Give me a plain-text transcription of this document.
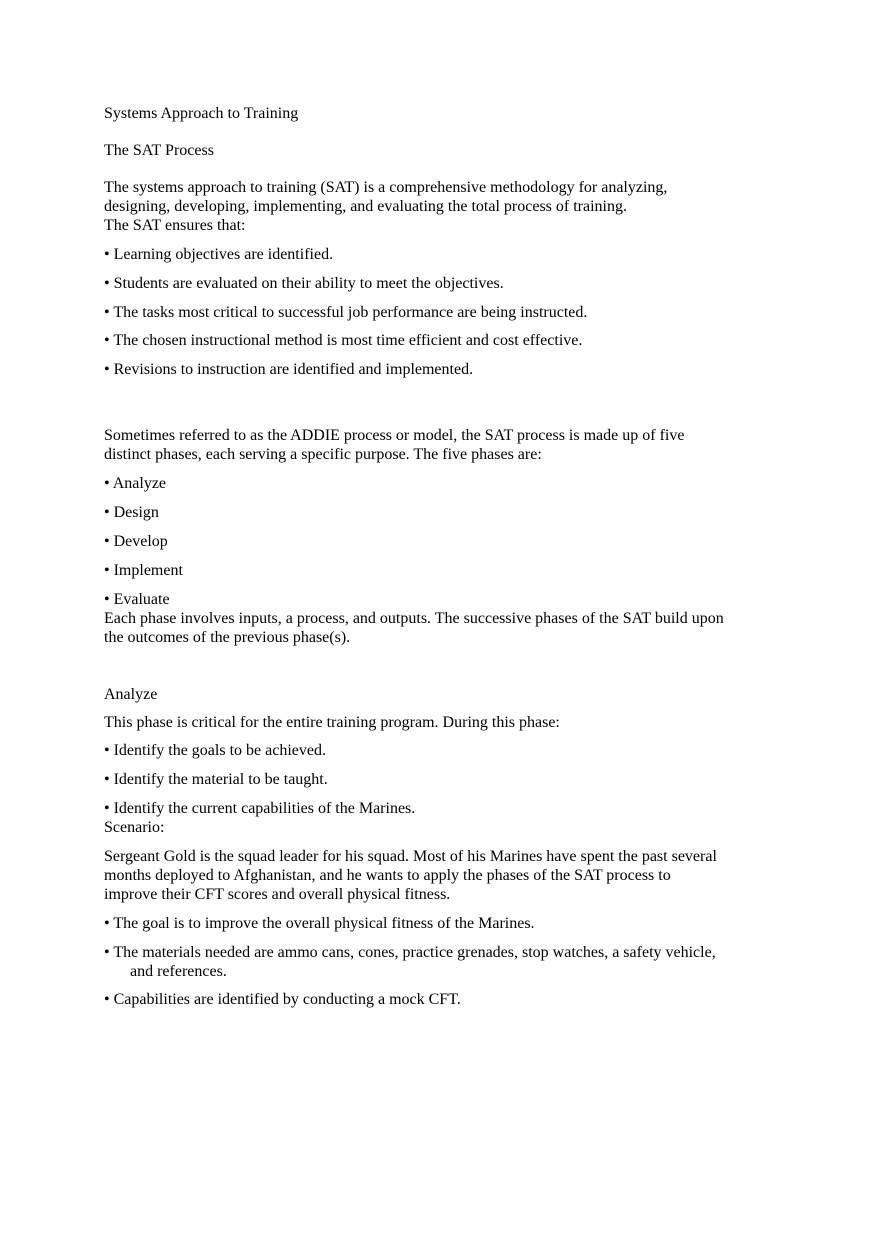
Systems Approach to Training

The SAT Process

The systems approach to training (SAT) is a comprehensive methodology for analyzing,

designing, developing, implementing, and evaluating the total process of training.

The SAT ensures that:

• Learning objectives are identified.
• Students are evaluated on their ability to meet the objectives.
• The tasks most critical to successful job performance are being instructed.
• The chosen instructional method is most time efficient and cost effective.
• Revisions to instruction are identified and implemented.

Sometimes referred to as the ADDIE process or model, the SAT process is made up of five

distinct phases, each serving a specific purpose. The five phases are:

• Analyze
• Design
• Develop
• Implement
• Evaluate

Each phase involves inputs, a process, and outputs. The successive phases of the SAT build upon

the outcomes of the previous phase(s).

Analyze

This phase is critical for the entire training program. During this phase:

• Identify the goals to be achieved.
• Identify the material to be taught.
• Identify the current capabilities of the Marines.

Scenario:

Sergeant Gold is the squad leader for his squad. Most of his Marines have spent the past several

months deployed to Afghanistan, and he wants to apply the phases of the SAT process to

improve their CFT scores and overall physical fitness.

• The goal is to improve the overall physical fitness of the Marines.
• The materials needed are ammo cans, cones, practice grenades, stop watches, a safety vehicle,
and references.
• Capabilities are identified by conducting a mock CFT.
